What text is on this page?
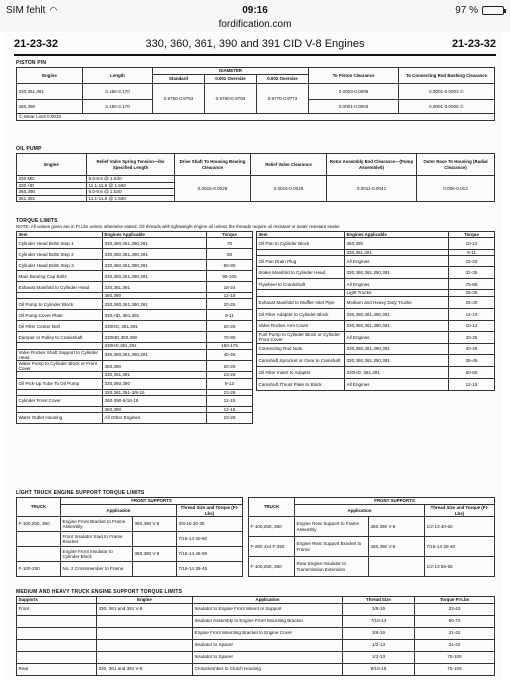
SIM fehlt ◠	09:16	97 %
fordification.com
21-23-32	330, 360, 361, 390 and 391 CID V-8 Engines	21-23-32
PISTON PIN
Engine	Length	DIAMETER			To Piston Clearance	To Connecting Rod Bushing Clearance
		Standard	0.001 Oversize	0.002 Oversize		
330,361,391	3.150-3.170	0.9750-0.9753	0.9760-0.9763	0.9770-0.9773	0.0003-0.0005	0.0001-0.0003 ①
360,390	3.150-3.170				0.0001-0.0003	0.0001-0.0005 ①
① Wear Limit 0.0010						
OIL PUMP
Engine	Relief Valve Spring Tension—lbs Specified Length	Drive Shaft To Housing Bearing Clearance	Relief Valve Clearance	Rotor Assembly End Clearance—(Pump Assembled)	Outer Race To Housing (Radial Clearance)
330 MD	9.0-9.6 @ 1.530	0.0015-0.0029	0.0015-0.0029	0.0011-0.0041	0.006-0.012
330 HD	11.1-11.8 @ 1.560				
360,390	9.0-9.6 @ 1.530				
361,391	11.1-11.8 @ 1.560				
TORQUE LIMITS
NOTE: All values given are in Ft Lbs unless otherwise stated. Oil threads with lightweight engine oil unless the threads require oil resistant or water resistant sealer.
Item	Engines Applicable	Torque
Cylinder Head Bolts Step 1	330,360,361,390,391	70
Cylinder Head Bolts Step 2	330,360,361,390,391	80
Cylinder Head Bolts Step 3	330,360,361,390,391	80-90
Main Bearing Cap Bolts	330,360,361,390,391	95-105
Exhaust Manifold to Cylinder Head	330,361,391	18-24
	360,390	12-18
Oil Pump to Cylinder Block	330,360,361,390,391	20-25
Oil Pump Cover Plate	330,HD, 361,391	9-11
Oil Filter Center Bolt	330HD, 361,391	20-25
Damper or Pulley to Crankshaft	330MD,360,390	70-90
	330HD,361,391	150-175
Valve Rocker Shaft Support to Cylinder Head	330,360,361,390,391	40-45
Water Pump to Cylinder Block or Front Cover	360,390	20-25
	330,361,391	23-28
Oil Pick-Up Tube To Oil Pump	330,360,390	9-13
	330,361,391-3/8-16	23-28
Cylinder Front Cover	360-390-5/16-18	12-15
	360,390	12-15
Water Outlet Housing	All Other Engines	23-28
Item	Engines Applicable	Torque
Oil Pan to Cylinder Block	360,390	10-12
	330,361,391	9-11
Oil Pan Drain Plug	All Engines	15-20
Intake Manifold to Cylinder Head	330,360,361,390,391	32-35
Flywheel to Crankshaft	All Engines	75-85
	Light Trucks	25-35
Exhaust Manifold to Muffler Inlet Pipe	Medium and Heavy Duty Trucks	25-30
Oil Filter Adapter to Cylinder Block	330,360,361,390,391	14-19
Valve Rocker Arm Cover	330,360,361,390,391	10-12
Fuel Pump to Cylinder Block or Cylinder Front Cover	All Engines	20-25
Connecting Rod Nuts	330,360,361,390,391	40-45
Camshaft Sprocket or Gear to Camshaft	330,360,361,390,391	35-45
Oil Filter Insert to Adapter	330HD, 361,391	50-60
Camshaft Thrust Plate to Block	All Engines	12-15
LIGHT TRUCK ENGINE SUPPORT TORQUE LIMITS
TRUCK	FRONT SUPPORTS		
	Application		Thread Size and Torque (Ft-Lbs)
F-100,250, 350	Engine Front Bracket to Frame Assembly	360,390 V-8	3/8-16 30-35
	Front Insulator Stud to Frame Bracket		7/16-14 40-60
	Engine Front Insulator to Cylinder Block	360,390 V-8	7/16-14 45-55
F-100-250	No. 2 Crossmember to Frame		7/16-14 35-45
TRUCK	FRONT SUPPORTS		
	Application		Thread Size and Torque (Ft-Lbs)
F-100,250, 350	Engine Rear Support to Frame Assembly	360,390 V-8	1/2-13 40-60
F-250 4x4 F-350	Engine Rear Support Bracket to Frame	360,390 V-8	7/16-14 30-40
F-100,250, 350	Rear Engine Insulator to Transmission Extension		1/2-13 55-65
MEDIUM AND HEAVY TRUCK ENGINE SUPPORT TORQUE LIMITS
Supports	Engine	Application	Thread Size	Torque Ft-Lbs
Front	330, 361 and 391 V-8	Insulator to Engine Front Mount or Support	3/8-16	33-43
		Insulator Assembly to Engine Front Mounting Bracket	7/16-14	50-70
		Engine Front Mounting Bracket to Engine Cover	3/8-16	31-42
		Insulator to Spacer	1/2-13	31-42
		Insulator to Spacer	1/2-13	75-105
Rear	330, 361 and 391 V-8	Crossmember to Clutch Housing	9/16-18	75-105
